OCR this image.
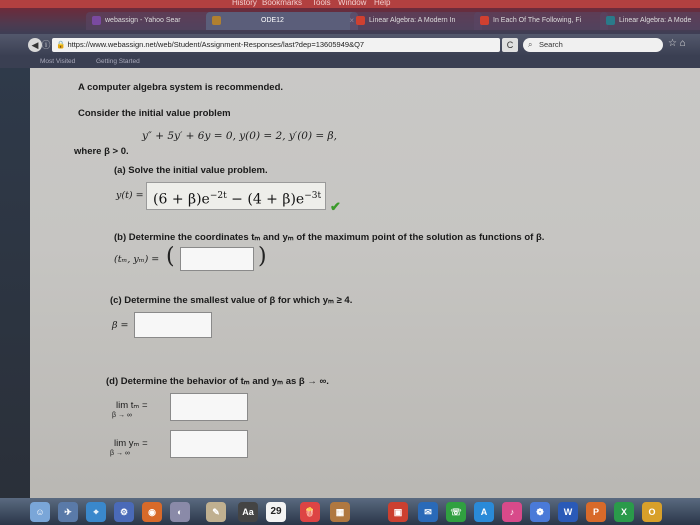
History Bookmarks Tools Window Help
webassign - Yahoo Sear	ODE12	Linear Algebra: A Modern In	In Each Of The Following, Fi	Linear Algebra: A Mode
◀ ⓘ 🔒 https://www.webassign.net/web/Student/Assignment-Responses/last?dep=13605949&Q7	C	⌕ Search	☆ ⌂
Most Visited	Getting Started
A computer algebra system is recommended.
Consider the initial value problem
y″ + 5y′ + 6y = 0, y(0) = 2, y′(0) = β,
where β > 0.
(a) Solve the initial value problem.
$y(t) = (6 + \beta)e^{-2t} - (4 + \beta)e^{-3t}$
✔
(b) Determine the coordinates tₘ and yₘ of the maximum point of the solution as functions of β.
(tₘ, yₘ) = (	)
(c) Determine the smallest value of β for which yₘ ≥ 4.
β =
(d) Determine the behavior of tₘ and yₘ as β → ∞.
lim tₘ =
β → ∞
lim yₘ =
β → ∞
☺	✈	⌖	⚙	◉	◐	✎	Aa	29	🍿	▦	▣	✉	☏	A	♪	❁	W	P	X	O
